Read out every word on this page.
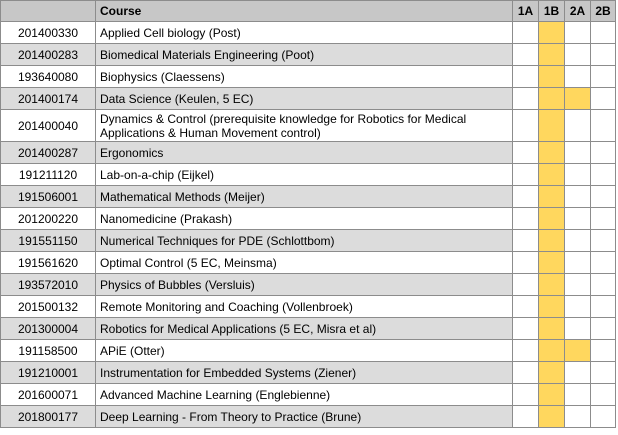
	Course	1A	1B	2A	2B
201400330	Applied Cell biology (Post)				
201400283	Biomedical Materials Engineering (Poot)				
193640080	Biophysics (Claessens)				
201400174	Data Science (Keulen, 5 EC)				
201400040	Dynamics & Control (prerequisite knowledge for Robotics for Medical Applications & Human Movement control)				
201400287	Ergonomics				
191211120	Lab-on-a-chip (Eijkel)				
191506001	Mathematical Methods (Meijer)				
201200220	Nanomedicine (Prakash)				
191551150	Numerical Techniques for PDE (Schlottbom)				
191561620	Optimal Control (5 EC, Meinsma)				
193572010	Physics of Bubbles (Versluis)				
201500132	Remote Monitoring and Coaching (Vollenbroek)				
201300004	Robotics for Medical Applications (5 EC, Misra et al)				
191158500	APiE (Otter)				
191210001	Instrumentation for Embedded Systems (Ziener)				
201600071	Advanced Machine Learning (Englebienne)				
201800177	Deep Learning - From Theory to Practice (Brune)				
